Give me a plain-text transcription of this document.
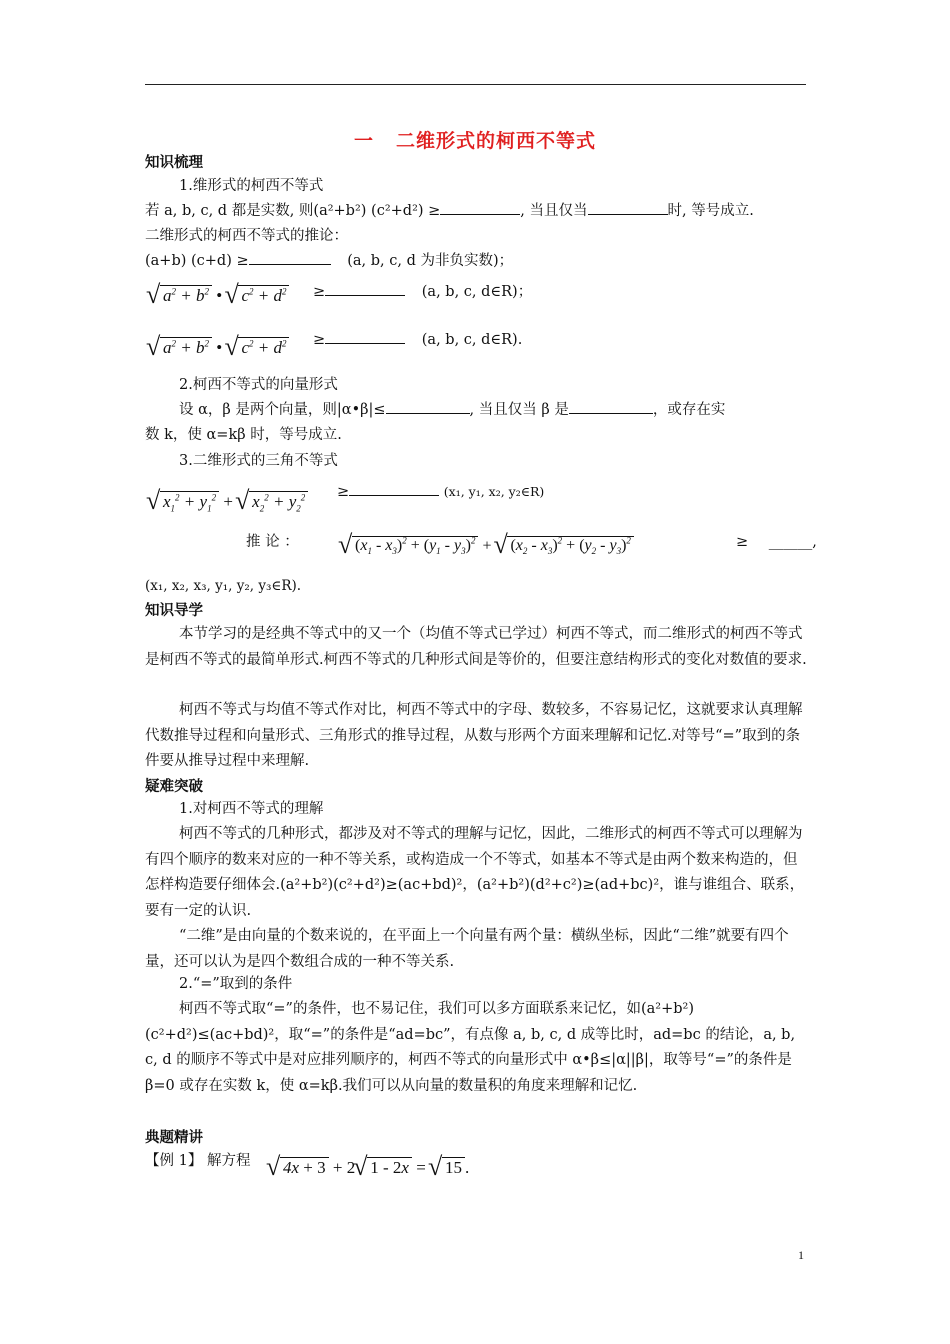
一 二维形式的柯西不等式
知识梳理
1.维形式的柯西不等式
若 a, b, c, d 都是实数, 则(a²+b²) (c²+d²) ≥	, 当且仅当	时, 等号成立.
二维形式的柯西不等式的推论：
(a+b) (c+d) ≥	(a, b, c, d 为非负实数)；
√ $a^2 + b^2$ • √ $c^2 + d^2$ ≥	(a, b, c, d∈R)；
√ $a^2 + b^2$ • √ $c^2 + d^2$ ≥	(a, b, c, d∈R).
2.柯西不等式的向量形式
设 α，β 是两个向量，则|α•β|≤	, 当且仅当 β 是	，或存在实
数 k，使 α=kβ 时，等号成立.
3.二维形式的三角不等式
√ $x_1^2 + y_1^2$ + √ $x_2^2 + y_2^2$ ≥	(x₁, y₁, x₂, y₂∈R)
推 论 ：	√ $(x_1 - x_3)^2 + (y_1 - y_3)^2$ + √ $(x_2 - x_3)^2 + (y_2 - y_3)^2$	≥ ______,
(x₁, x₂, x₃, y₁, y₂, y₃∈R).
知识导学
本节学习的是经典不等式中的又一个（均值不等式已学过）柯西不等式，而二维形式的柯西不等式是柯西不等式的最简单形式.柯西不等式的几种形式间是等价的，但要注意结构形式的变化对数值的要求.
柯西不等式与均值不等式作对比，柯西不等式中的字母、数较多，不容易记忆，这就要求认真理解代数推导过程和向量形式、三角形式的推导过程，从数与形两个方面来理解和记忆.对等号“=”取到的条件要从推导过程中来理解.
疑难突破
1.对柯西不等式的理解
柯西不等式的几种形式，都涉及对不等式的理解与记忆，因此，二维形式的柯西不等式可以理解为有四个顺序的数来对应的一种不等关系，或构造成一个不等式，如基本不等式是由两个数来构造的，但怎样构造要仔细体会.(a²+b²)(c²+d²)≥(ac+bd)²，(a²+b²)(d²+c²)≥(ad+bc)²，谁与谁组合、联系，要有一定的认识.
“二维”是由向量的个数来说的，在平面上一个向量有两个量：横纵坐标，因此“二维”就要有四个量，还可以认为是四个数组合成的一种不等关系.
2.“=”取到的条件
柯西不等式取“=”的条件，也不易记住，我们可以多方面联系来记忆，如(a²+b²)(c²+d²)≤(ac+bd)²，取“=”的条件是“ad=bc”，有点像 a, b, c, d 成等比时，ad=bc 的结论，a, b, c, d 的顺序不等式中是对应排列顺序的，柯西不等式的向量形式中 α•β≤|α||β|，取等号“=”的条件是 β=0 或存在实数 k，使 α=kβ.我们可以从向量的数量积的角度来理解和记忆.
典题精讲
【例 1】 解方程	√ 4x + 3 + 2 √ 1 - 2x = √ 15 .
1
